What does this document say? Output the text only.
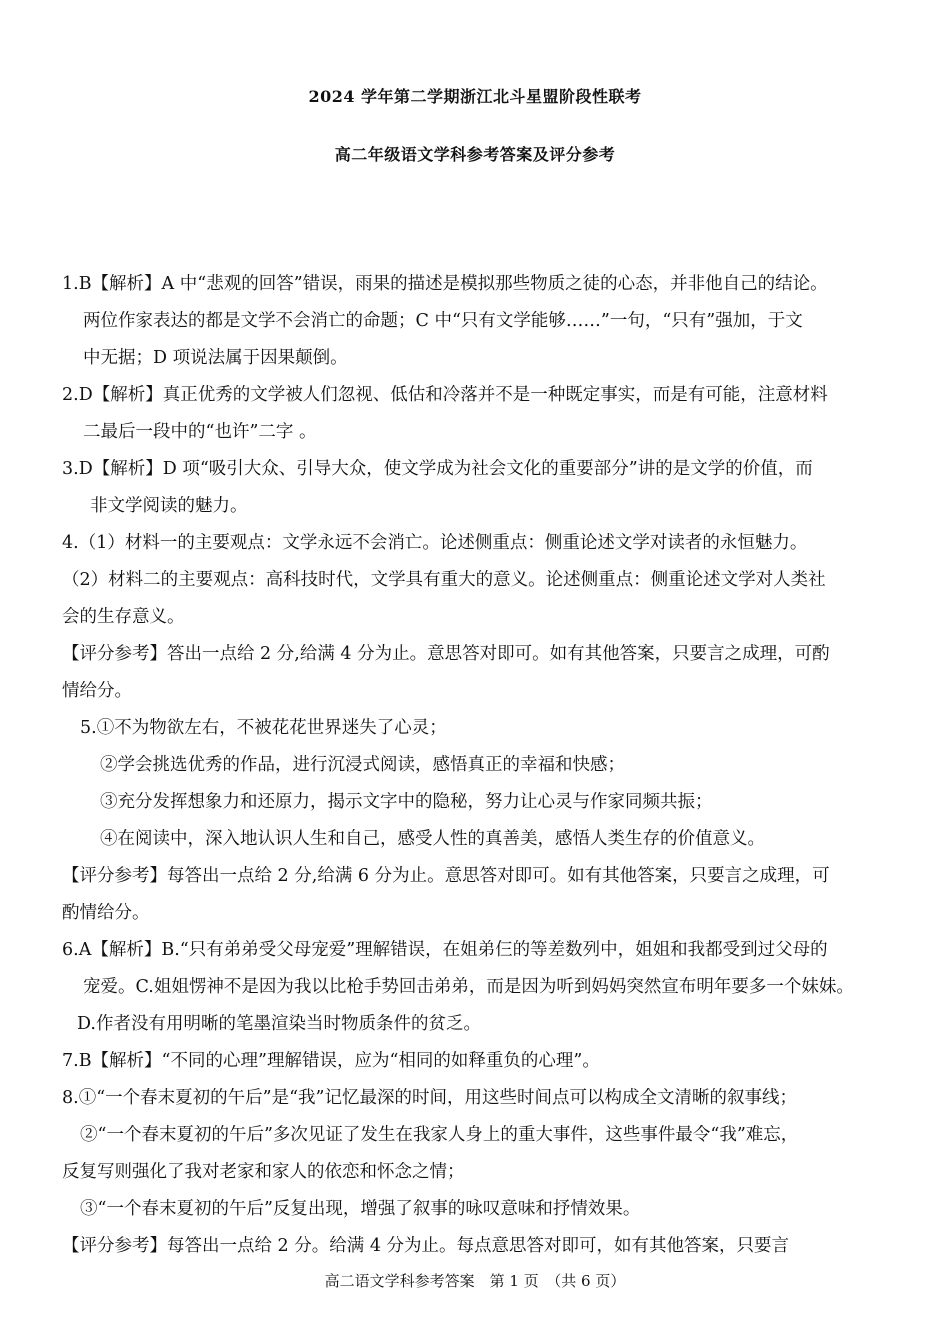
2024 学年第二学期浙江北斗星盟阶段性联考
高二年级语文学科参考答案及评分参考

1.B【解析】A 中“悲观的回答”错误，雨果的描述是模拟那些物质之徒的心态，并非他自己的结论。

两位作家表达的都是文学不会消亡的命题；C 中“只有文学能够……”一句，“只有”强加，于文

中无据；D 项说法属于因果颠倒。

2.D【解析】真正优秀的文学被人们忽视、低估和冷落并不是一种既定事实，而是有可能，注意材料

二最后一段中的“也许”二字 。

3.D【解析】D 项“吸引大众、引导大众，使文学成为社会文化的重要部分”讲的是文学的价值，而

非文学阅读的魅力。

4.（1）材料一的主要观点：文学永远不会消亡。论述侧重点：侧重论述文学对读者的永恒魅力。

（2）材料二的主要观点：高科技时代，文学具有重大的意义。论述侧重点：侧重论述文学对人类社

会的生存意义。

【评分参考】答出一点给 2 分,给满 4 分为止。意思答对即可。如有其他答案，只要言之成理，可酌

情给分。

5.①不为物欲左右，不被花花世界迷失了心灵；

②学会挑选优秀的作品，进行沉浸式阅读，感悟真正的幸福和快感；

③充分发挥想象力和还原力，揭示文字中的隐秘，努力让心灵与作家同频共振；

④在阅读中，深入地认识人生和自己，感受人性的真善美，感悟人类生存的价值意义。

【评分参考】每答出一点给 2 分,给满 6 分为止。意思答对即可。如有其他答案，只要言之成理，可

酌情给分。

6.A【解析】B.“只有弟弟受父母宠爱”理解错误，在姐弟仨的等差数列中，姐姐和我都受到过父母的

宠爱。C.姐姐愣神不是因为我以比枪手势回击弟弟，而是因为听到妈妈突然宣布明年要多一个妹妹。

D.作者没有用明晰的笔墨渲染当时物质条件的贫乏。

7.B【解析】“不同的心理”理解错误，应为“相同的如释重负的心理”。

8.①“一个春末夏初的午后”是“我”记忆最深的时间，用这些时间点可以构成全文清晰的叙事线；

②“一个春末夏初的午后”多次见证了发生在我家人身上的重大事件，这些事件最令“我”难忘，

反复写则强化了我对老家和家人的依恋和怀念之情；

③“一个春末夏初的午后”反复出现，增强了叙事的咏叹意味和抒情效果。

【评分参考】每答出一点给 2 分。给满 4 分为止。每点意思答对即可，如有其他答案，只要言

高二语文学科参考答案　第 1 页　（共 6 页）
